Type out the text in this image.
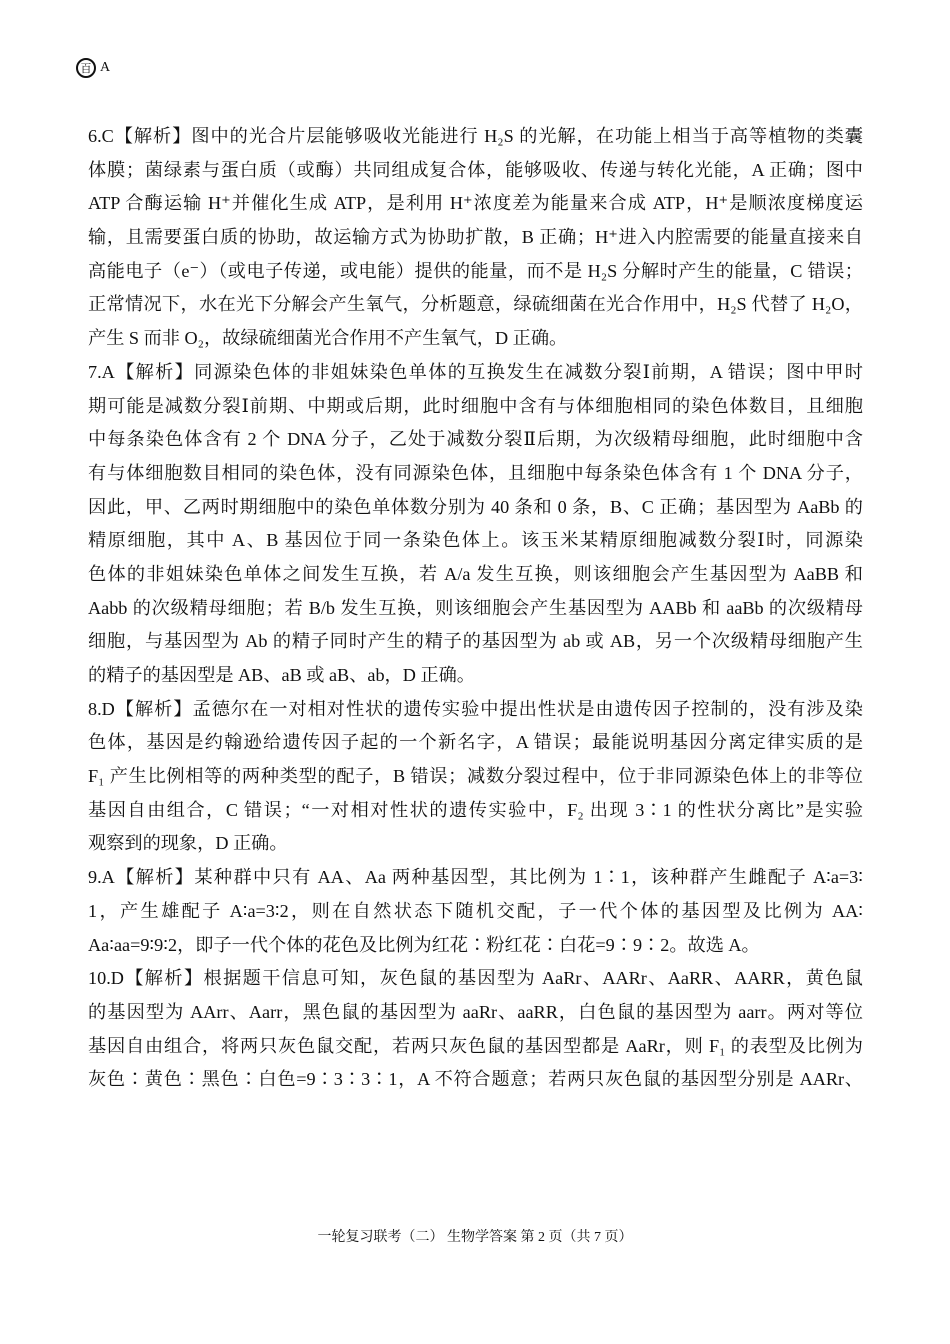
百 A
6.C【解析】图中的光合片层能够吸收光能进行 H₂S 的光解，在功能上相当于高等植物的类囊
体膜；菌绿素与蛋白质（或酶）共同组成复合体，能够吸收、传递与转化光能，A 正确；图中
ATP 合酶运输 H⁺并催化生成 ATP，是利用 H⁺浓度差为能量来合成 ATP，H⁺是顺浓度梯度运
输，且需要蛋白质的协助，故运输方式为协助扩散，B 正确；H⁺进入内腔需要的能量直接来自
高能电子（e⁻）（或电子传递，或电能）提供的能量，而不是 H₂S 分解时产生的能量，C 错误；
正常情况下，水在光下分解会产生氧气，分析题意，绿硫细菌在光合作用中，H₂S 代替了 H₂O，
产生 S 而非 O₂，故绿硫细菌光合作用不产生氧气，D 正确。
7.A【解析】同源染色体的非姐妹染色单体的互换发生在减数分裂Ⅰ前期，A 错误；图中甲时
期可能是减数分裂Ⅰ前期、中期或后期，此时细胞中含有与体细胞相同的染色体数目，且细胞
中每条染色体含有 2 个 DNA 分子，乙处于减数分裂Ⅱ后期，为次级精母细胞，此时细胞中含
有与体细胞数目相同的染色体，没有同源染色体，且细胞中每条染色体含有 1 个 DNA 分子，
因此，甲、乙两时期细胞中的染色单体数分别为 40 条和 0 条，B、C 正确；基因型为 AaBb 的
精原细胞，其中 A、B 基因位于同一条染色体上。该玉米某精原细胞减数分裂Ⅰ时，同源染
色体的非姐妹染色单体之间发生互换，若 A/a 发生互换，则该细胞会产生基因型为 AaBB 和
Aabb 的次级精母细胞；若 B/b 发生互换，则该细胞会产生基因型为 AABb 和 aaBb 的次级精母
细胞，与基因型为 Ab 的精子同时产生的精子的基因型为 ab 或 AB，另一个次级精母细胞产生
的精子的基因型是 AB、aB 或 aB、ab，D 正确。
8.D【解析】孟德尔在一对相对性状的遗传实验中提出性状是由遗传因子控制的，没有涉及染
色体，基因是约翰逊给遗传因子起的一个新名字，A 错误；最能说明基因分离定律实质的是
F₁ 产生比例相等的两种类型的配子，B 错误；减数分裂过程中，位于非同源染色体上的非等位
基因自由组合，C 错误；“一对相对性状的遗传实验中，F₂ 出现 3∶1 的性状分离比”是实验
观察到的现象，D 正确。
9.A【解析】某种群中只有 AA、Aa 两种基因型，其比例为 1∶1，该种群产生雌配子 A∶a=3∶
1，产生雄配子 A∶a=3∶2，则在自然状态下随机交配，子一代个体的基因型及比例为 AA∶
Aa∶aa=9∶9∶2，即子一代个体的花色及比例为红花∶粉红花∶白花=9∶9∶2。故选 A。
10.D【解析】根据题干信息可知，灰色鼠的基因型为 AaRr、AARr、AaRR、AARR，黄色鼠
的基因型为 AArr、Aarr，黑色鼠的基因型为 aaRr、aaRR，白色鼠的基因型为 aarr。两对等位
基因自由组合，将两只灰色鼠交配，若两只灰色鼠的基因型都是 AaRr，则 F₁ 的表型及比例为
灰色∶黄色∶黑色∶白色=9∶3∶3∶1，A 不符合题意；若两只灰色鼠的基因型分别是 AARr、
一轮复习联考（二） 生物学答案 第 2 页（共 7 页）
